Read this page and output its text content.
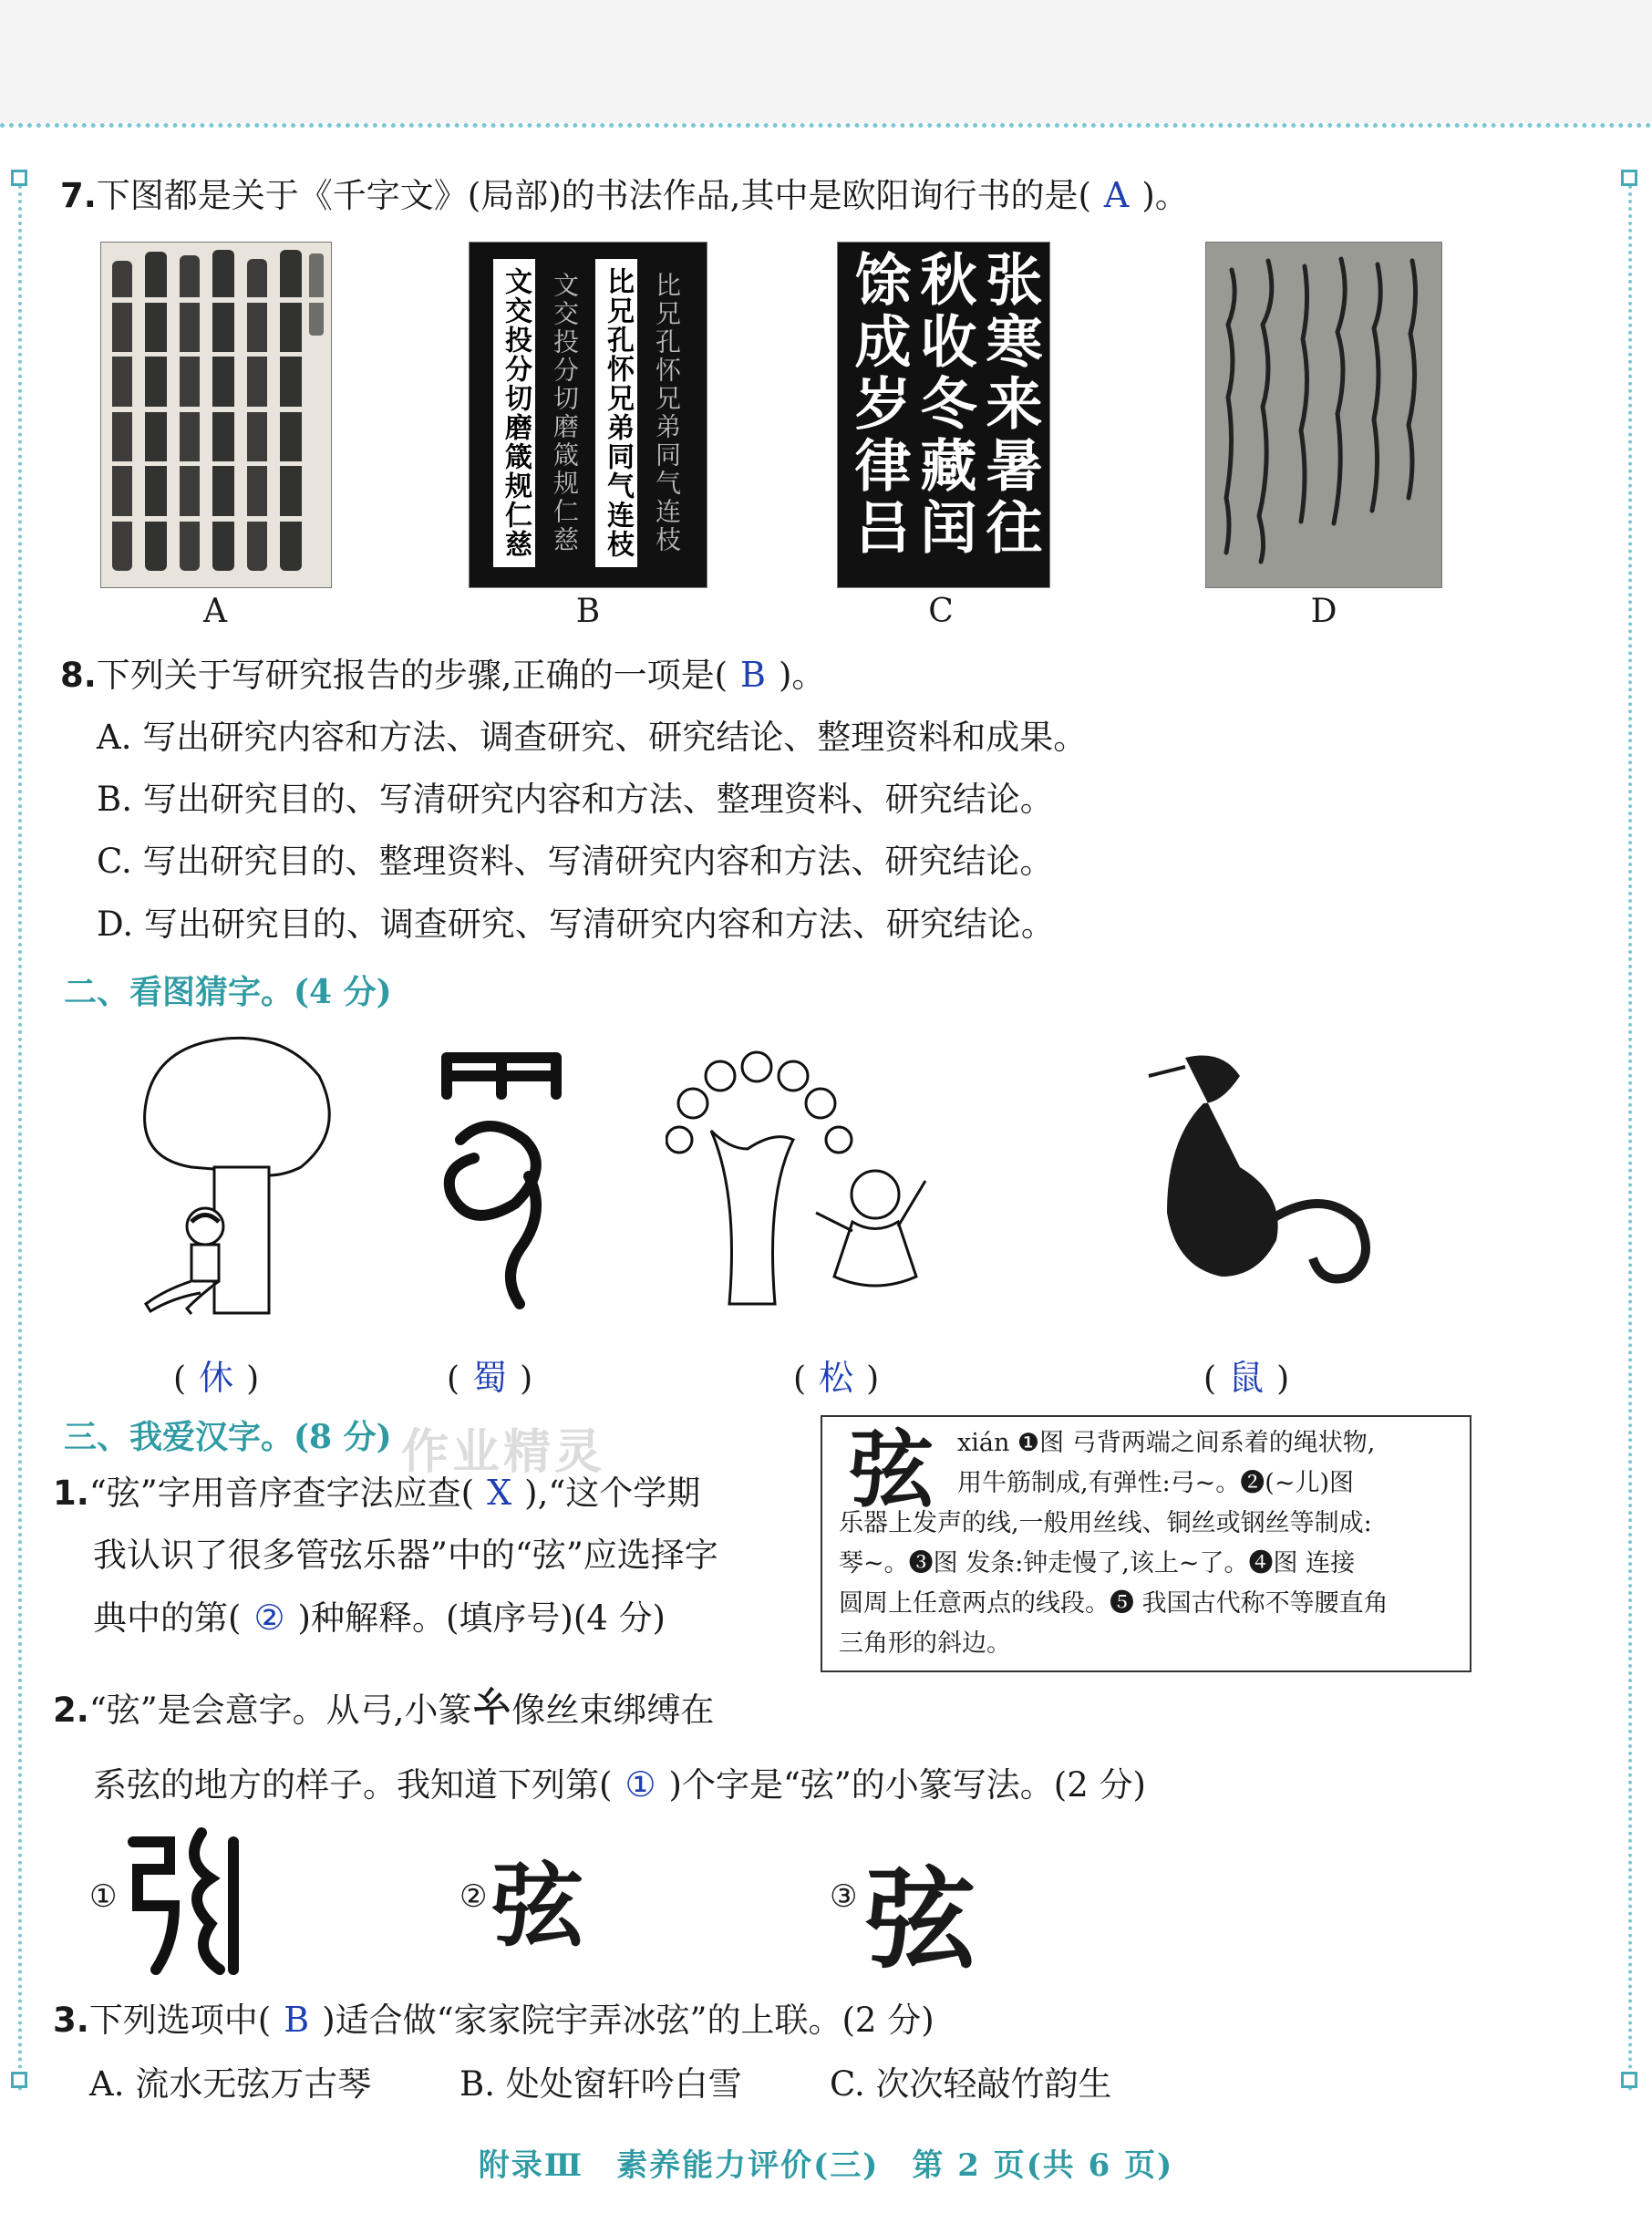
7.下图都是关于《千字文》(局部)的书法作品,其中是欧阳询行书的是( A )。
A
文交投分切磨箴规仁慈 文交投分切磨箴规仁慈 比兄孔怀兄弟同气连枝 比兄孔怀兄弟同气连枝
B
张寒来暑往秋收冬藏闰馀成岁律吕
C	D
8.下列关于写研究报告的步骤,正确的一项是( B )。
A. 写出研究内容和方法、调查研究、研究结论、整理资料和成果。
B. 写出研究目的、写清研究内容和方法、整理资料、研究结论。
C. 写出研究目的、整理资料、写清研究内容和方法、研究结论。
D. 写出研究目的、调查研究、写清研究内容和方法、研究结论。
二、看图猜字。(4 分)
( 休 )	( 蜀 )	( 松 )	( 鼠 )
三、我爱汉字。(8 分) 作业精灵
1.“弦”字用音序查字法应查( X ),“这个学期
我认识了很多管弦乐器”中的“弦”应选择字
典中的第( ② )种解释。(填序号)(4 分)
弦 xián ❶图 弓背两端之间系着的绳状物,
用牛筋制成,有弹性:弓~。❷(~儿)图
乐器上发声的线,一般用丝线、铜丝或钢丝等制成:
琴~。❸图 发条:钟走慢了,该上~了。❹图 连接
圆周上任意两点的线段。❺ 我国古代称不等腰直角
三角形的斜边。
2.“弦”是会意字。从弓,小篆𢆯像丝束绑缚在
系弦的地方的样子。我知道下列第( ① )个字是“弦”的小篆写法。(2 分)
①	② 弦	③ 弦
3.下列选项中( B )适合做“家家院宇弄冰弦”的上联。(2 分)
A. 流水无弦万古琴	B. 处处窗轩吟白雪	C. 次次轻敲竹韵生
附录Ⅲ　素养能力评价(三)　第 2 页(共 6 页)
